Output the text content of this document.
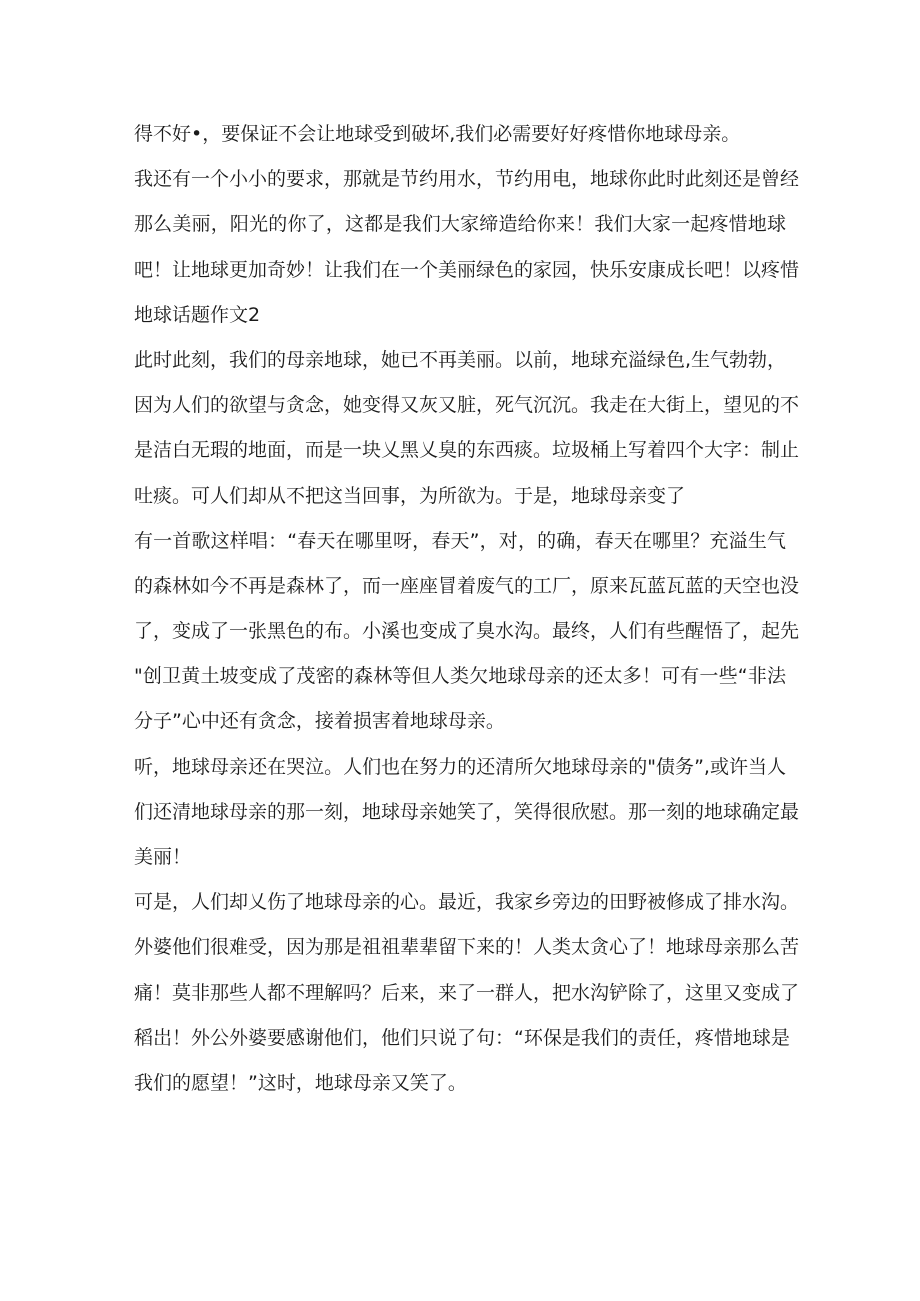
得不好•，要保证不会让地球受到破坏,我们必需要好好疼惜你地球母亲。
我还有一个小小的要求，那就是节约用水，节约用电，地球你此时此刻还是曾经
那么美丽，阳光的你了，这都是我们大家缔造给你来！我们大家一起疼惜地球
吧！让地球更加奇妙！让我们在一个美丽绿色的家园，快乐安康成长吧！以疼惜
地球话题作文2
此时此刻，我们的母亲地球，她已不再美丽。以前，地球充溢绿色,生气勃勃，
因为人们的欲望与贪念，她变得又灰又脏，死气沉沉。我走在大街上，望见的不
是洁白无瑕的地面，而是一块乂黑乂臭的东西痰。垃圾桶上写着四个大字：制止
吐痰。可人们却从不把这当回事，为所欲为。于是，地球母亲变了
有一首歌这样唱：“春天在哪里呀，春天”，对，的确，春天在哪里？充溢生气
的森林如今不再是森林了，而一座座冒着废气的工厂，原来瓦蓝瓦蓝的天空也没
了，变成了一张黑色的布。小溪也变成了臭水沟。最终，人们有些醒悟了，起先
"创卫黄土坡变成了茂密的森林等但人类欠地球母亲的还太多！可有一些“非法
分子”心中还有贪念，接着损害着地球母亲。
听，地球母亲还在哭泣。人们也在努力的还清所欠地球母亲的"债务”,或许当人
们还清地球母亲的那一刻，地球母亲她笑了，笑得很欣慰。那一刻的地球确定最
美丽！
可是，人们却乂伤了地球母亲的心。最近，我家乡旁边的田野被修成了排水沟。
外婆他们很难受，因为那是祖祖辈辈留下来的！人类太贪心了！地球母亲那么苦
痛！莫非那些人都不理解吗？后来，来了一群人，把水沟铲除了，这里又变成了
稻岀！外公外婆要感谢他们，他们只说了句：“环保是我们的责任，疼惜地球是
我们的愿望！”这时，地球母亲又笑了。
